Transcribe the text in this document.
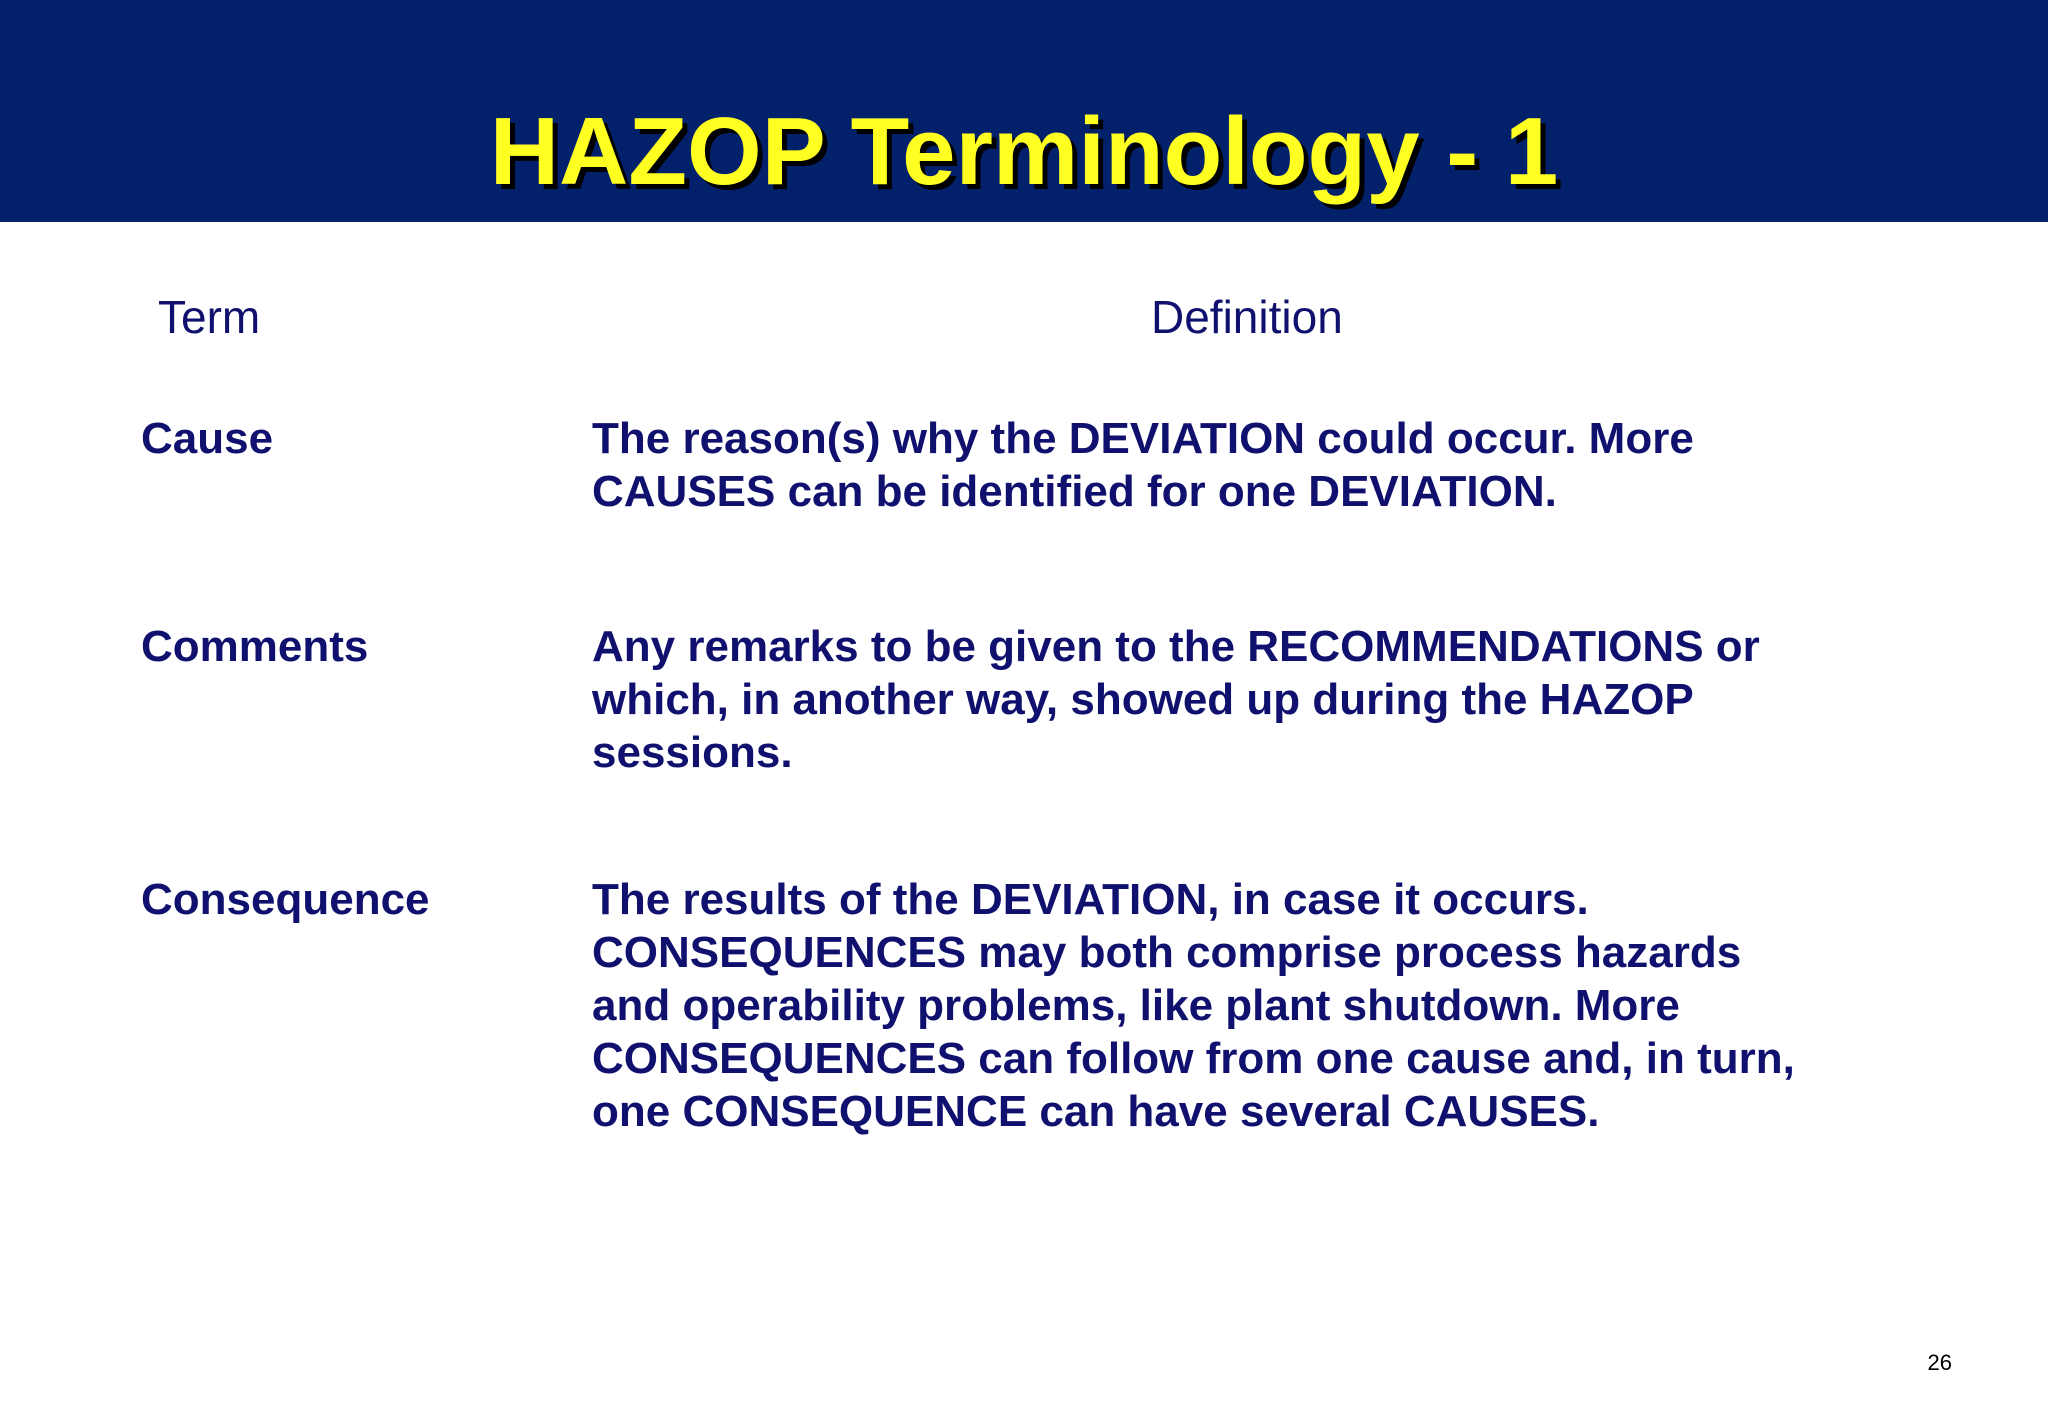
HAZOP Terminology - 1
Term	Definition
Cause	The reason(s) why the DEVIATION could occur. More
CAUSES can be identified for one DEVIATION.
Comments	Any remarks to be given to the RECOMMENDATIONS or
which, in another way, showed up during the HAZOP
sessions.
Consequence	The results of the DEVIATION, in case it occurs.
CONSEQUENCES may both comprise process hazards
and operability problems, like plant shutdown. More
CONSEQUENCES can follow from one cause and, in turn,
one CONSEQUENCE can have several CAUSES.
26
